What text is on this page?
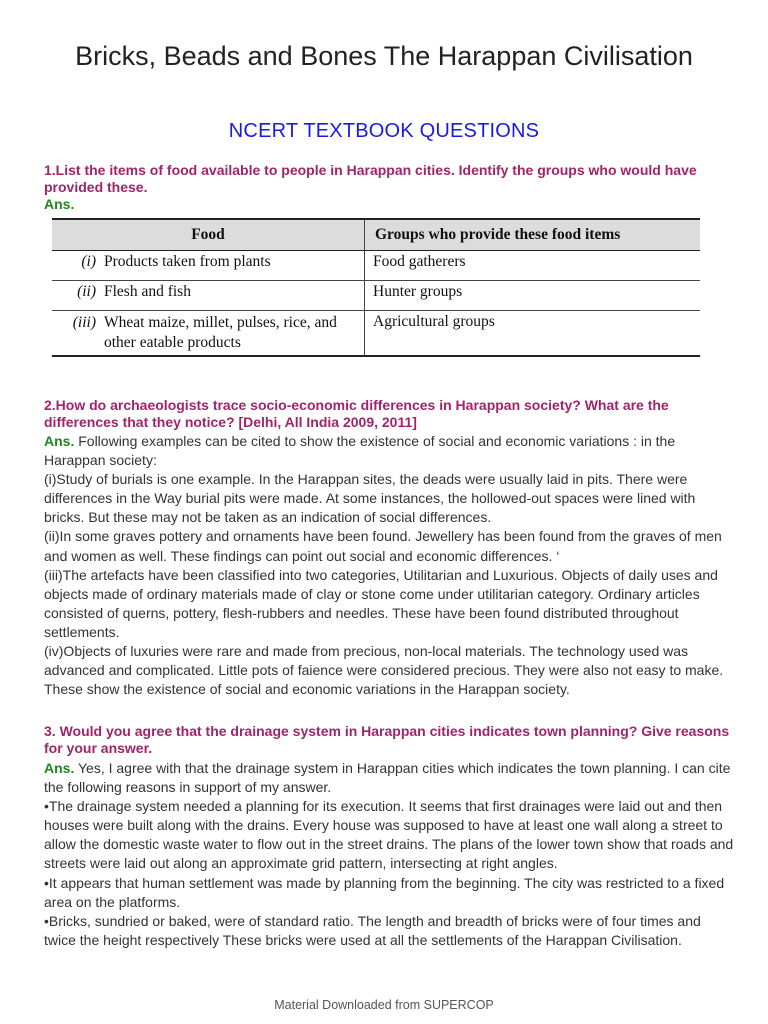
Bricks, Beads and Bones The Harappan Civilisation
NCERT TEXTBOOK QUESTIONS
1.List the items of food available to people in Harappan cities. Identify the groups who would have provided these.
Ans.
Food	Groups who provide these food items
(i) Products taken from plants	Food gatherers
(ii) Flesh and fish	Hunter groups
(iii) Wheat maize, millet, pulses, rice, and other eatable products	Agricultural groups
2.How do archaeologists trace socio-economic differences in Harappan society? What are the differences that they notice? [Delhi, All India 2009, 2011]

Ans. Following examples can be cited to show the existence of social and economic variations : in the Harappan society:

(i)Study of burials is one example. In the Harappan sites, the deads were usually laid in pits. There were differences in the Way burial pits were made. At some instances, the hollowed-out spaces were lined with bricks. But these may not be taken as an indication of social differences.

(ii)In some graves pottery and ornaments have been found. Jewellery has been found from the graves of men and women as well. These findings can point out social and economic differences. ‘

(iii)The artefacts have been classified into two categories, Utilitarian and Luxurious. Objects of daily uses and objects made of ordinary materials made of clay or stone come under utilitarian category. Ordinary articles consisted of querns, pottery, flesh-rubbers and needles. These have been found distributed throughout settlements.

(iv)Objects of luxuries were rare and made from precious, non-local materials. The technology used was advanced and complicated. Little pots of faience were considered precious. They were also not easy to make. These show the existence of social and economic variations in the Harappan society.

3. Would you agree that the drainage system in Harappan cities indicates town planning? Give reasons for your answer.

Ans. Yes, I agree with that the drainage system in Harappan cities which indicates the town planning. I can cite the following reasons in support of my answer.

•The drainage system needed a planning for its execution. It seems that first drainages were laid out and then houses were built along with the drains. Every house was supposed to have at least one wall along a street to allow the domestic waste water to flow out in the street drains. The plans of the lower town show that roads and streets were laid out along an approximate grid pattern, intersecting at right angles.

•It appears that human settlement was made by planning from the beginning. The city was restricted to a fixed area on the platforms.

•Bricks, sundried or baked, were of standard ratio. The length and breadth of bricks were of four times and twice the height respectively These bricks were used at all the settlements of the Harappan Civilisation.

Material Downloaded from SUPERCOP
